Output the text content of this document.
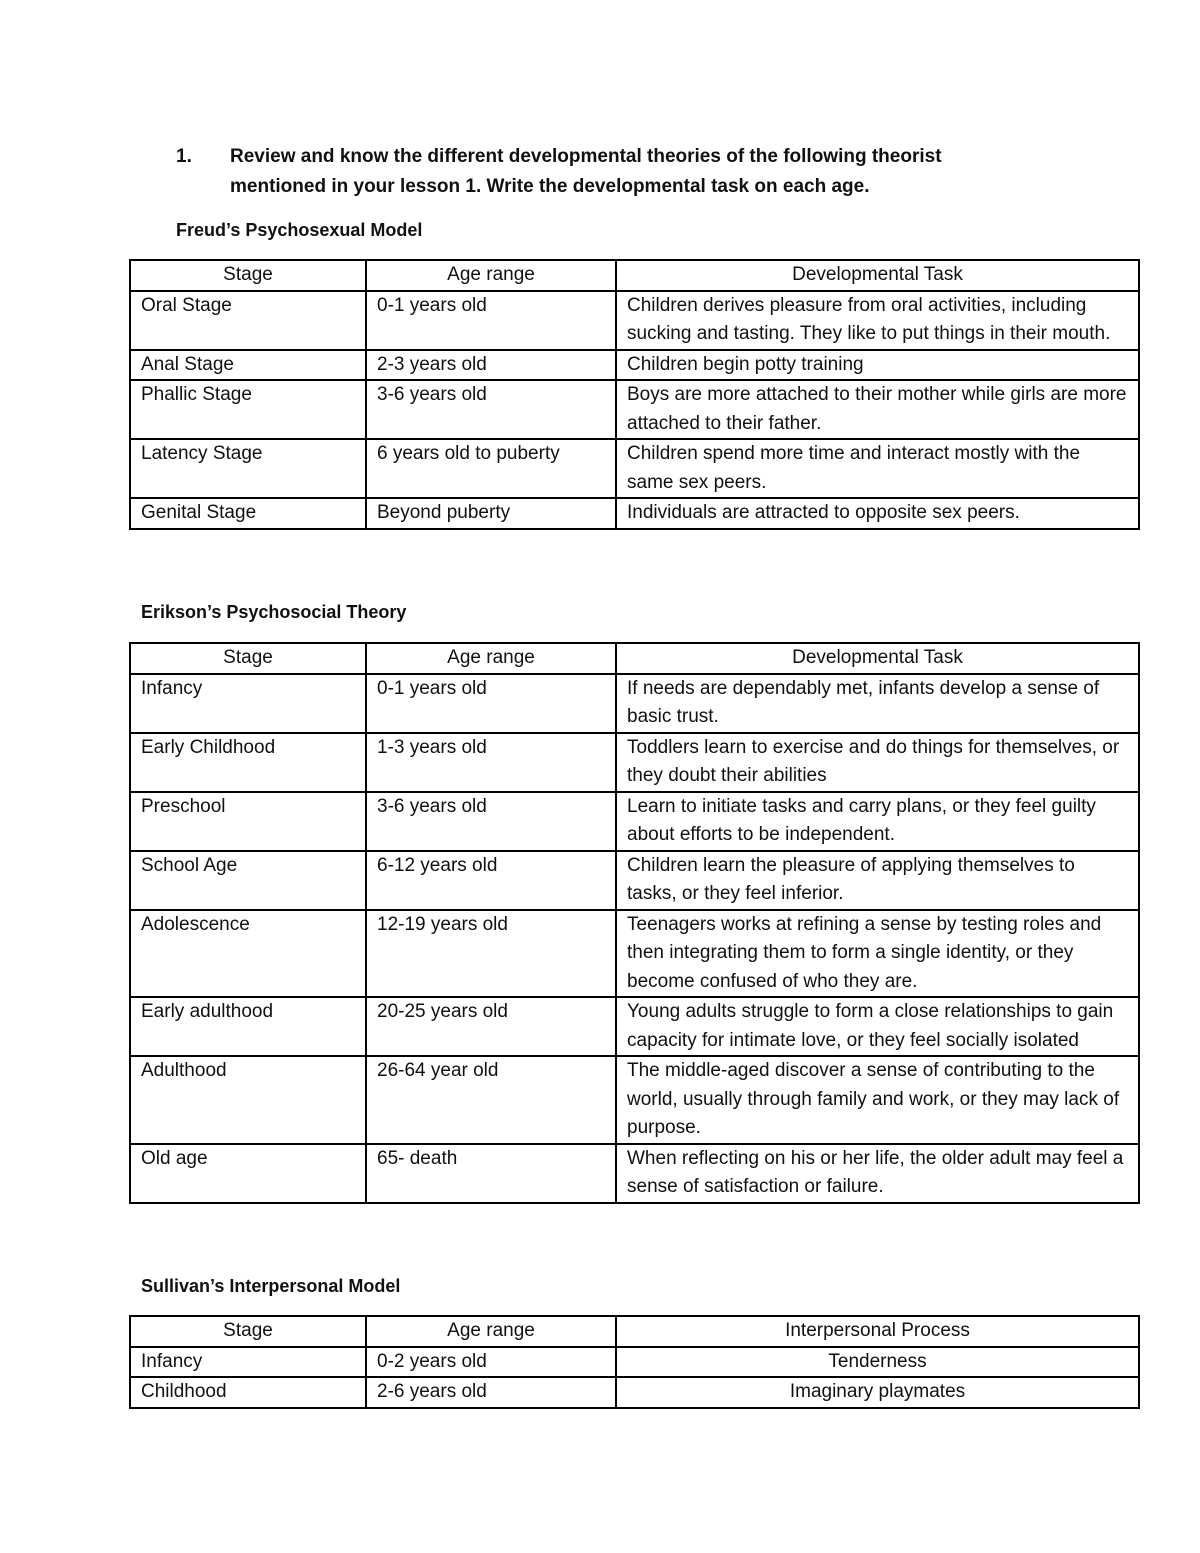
1. Review and know the different developmental theories of the following theorist
mentioned in your lesson 1. Write the developmental task on each age.
Freud’s Psychosexual Model
Stage	Age range	Developmental Task
Oral Stage	0-1 years old	Children derives pleasure from oral activities, including sucking and tasting. They like to put things in their mouth.
Anal Stage	2-3 years old	Children begin potty training
Phallic Stage	3-6 years old	Boys are more attached to their mother while girls are more attached to their father.
Latency Stage	6 years old to puberty	Children spend more time and interact mostly with the same sex peers.
Genital Stage	Beyond puberty	Individuals are attracted to opposite sex peers.
Erikson’s Psychosocial Theory
Stage	Age range	Developmental Task
Infancy	0-1 years old	If needs are dependably met, infants develop a sense of basic trust.
Early Childhood	1-3 years old	Toddlers learn to exercise and do things for themselves, or they doubt their abilities
Preschool	3-6 years old	Learn to initiate tasks and carry plans, or they feel guilty about efforts to be independent.
School Age	6-12 years old	Children learn the pleasure of applying themselves to tasks, or they feel inferior.
Adolescence	12-19 years old	Teenagers works at refining a sense by testing roles and then integrating them to form a single identity, or they become confused of who they are.
Early adulthood	20-25 years old	Young adults struggle to form a close relationships to gain capacity for intimate love, or they feel socially isolated
Adulthood	26-64 year old	The middle-aged discover a sense of contributing to the world, usually through family and work, or they may lack of purpose.
Old age	65- death	When reflecting on his or her life, the older adult may feel a sense of satisfaction or failure.
Sullivan’s Interpersonal Model
Stage	Age range	Interpersonal Process
Infancy	0-2 years old	Tenderness
Childhood	2-6 years old	Imaginary playmates
